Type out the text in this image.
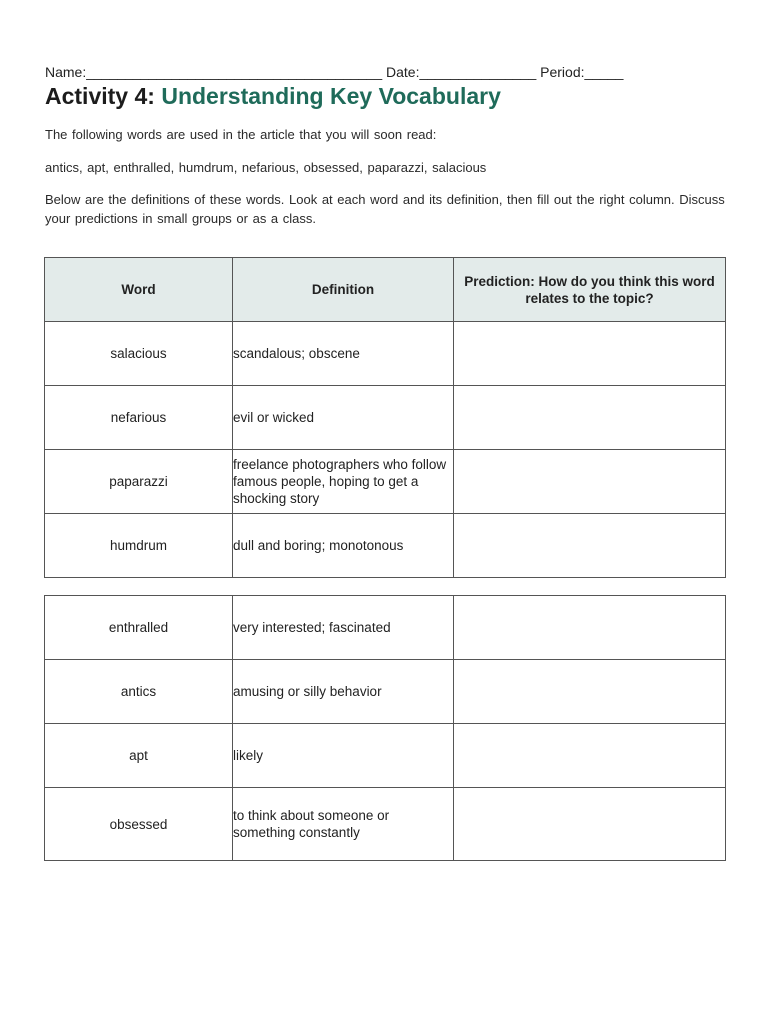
Name:______________________________________ Date:_______________ Period:_____
Activity 4: Understanding Key Vocabulary
The following words are used in the article that you will soon read:
antics, apt, enthralled, humdrum, nefarious, obsessed, paparazzi, salacious
Below are the definitions of these words. Look at each word and its definition, then fill out the right column. Discuss your predictions in small groups or as a class.
Word	Definition	Prediction: How do you think this word relates to the topic?
salacious	scandalous; obscene	
nefarious	evil or wicked	
paparazzi	freelance photographers who follow famous people, hoping to get a shocking story	
humdrum	dull and boring; monotonous	
enthralled	very interested; fascinated	
antics	amusing or silly behavior	
apt	likely	
obsessed	to think about someone or something constantly	
